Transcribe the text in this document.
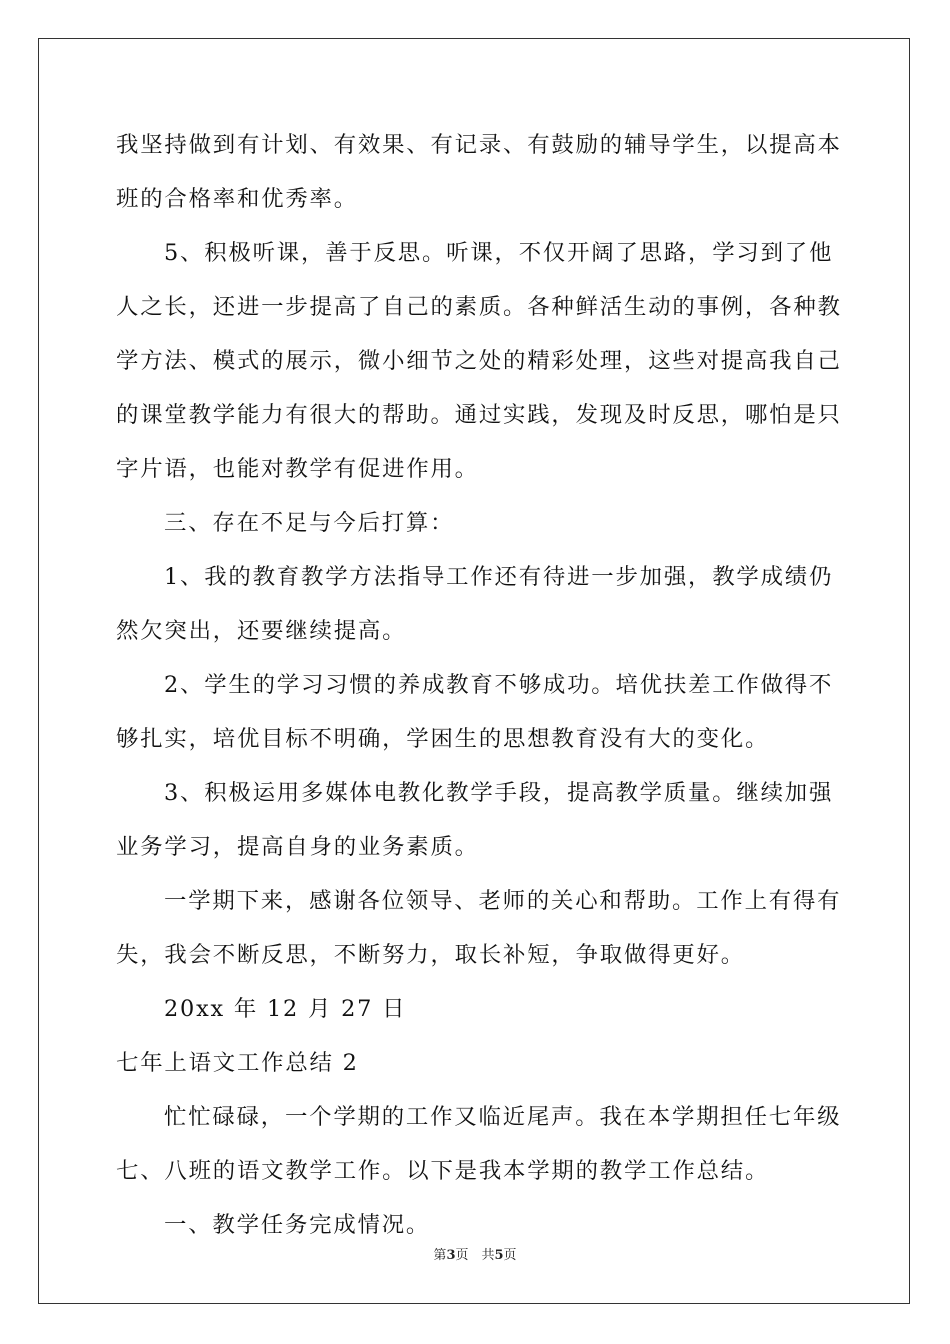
我坚持做到有计划、有效果、有记录、有鼓励的辅导学生，以提高本
班的合格率和优秀率。
5、积极听课，善于反思。听课，不仅开阔了思路，学习到了他
人之长，还进一步提高了自己的素质。各种鲜活生动的事例，各种教
学方法、模式的展示，微小细节之处的精彩处理，这些对提高我自己
的课堂教学能力有很大的帮助。通过实践，发现及时反思，哪怕是只
字片语，也能对教学有促进作用。
三、存在不足与今后打算：
1、我的教育教学方法指导工作还有待进一步加强，教学成绩仍
然欠突出，还要继续提高。
2、学生的学习习惯的养成教育不够成功。培优扶差工作做得不
够扎实，培优目标不明确，学困生的思想教育没有大的变化。
3、积极运用多媒体电教化教学手段，提高教学质量。继续加强
业务学习，提高自身的业务素质。
一学期下来，感谢各位领导、老师的关心和帮助。工作上有得有
失，我会不断反思，不断努力，取长补短，争取做得更好。
20xx 年 12 月 27 日
七年上语文工作总结 2
忙忙碌碌，一个学期的工作又临近尾声。我在本学期担任七年级
七、八班的语文教学工作。以下是我本学期的教学工作总结。
一、教学任务完成情况。
第3页　共5页
